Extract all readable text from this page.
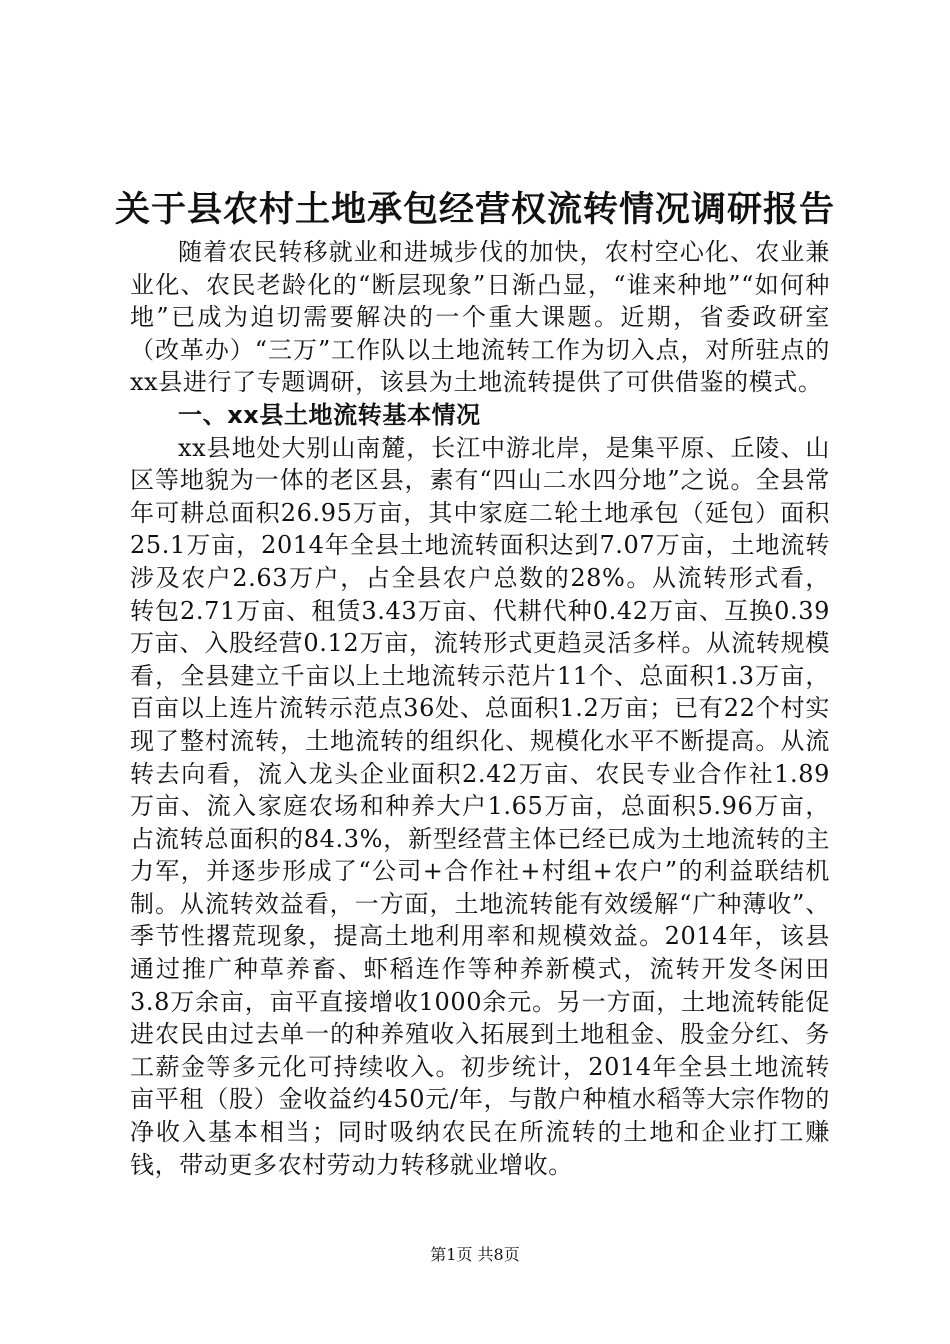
关于县农村土地承包经营权流转情况调研报告

随着农民转移就业和进城步伐的加快，农村空心化、农业兼业化、农民老龄化的“断层现象”日渐凸显，“谁来种地”“如何种地”已成为迫切需要解决的一个重大课题。近期，省委政研室（改革办）“三万”工作队以土地流转工作为切入点，对所驻点的xx县进行了专题调研，该县为土地流转提供了可供借鉴的模式。

一、xx县土地流转基本情况

xx县地处大别山南麓，长江中游北岸，是集平原、丘陵、山区等地貌为一体的老区县，素有“四山二水四分地”之说。全县常年可耕总面积26.95万亩，其中家庭二轮土地承包（延包）面积25.1万亩，2014年全县土地流转面积达到7.07万亩，土地流转涉及农户2.63万户，占全县农户总数的28%。从流转形式看，转包2.71万亩、租赁3.43万亩、代耕代种0.42万亩、互换0.39万亩、入股经营0.12万亩，流转形式更趋灵活多样。从流转规模看，全县建立千亩以上土地流转示范片11个、总面积1.3万亩，百亩以上连片流转示范点36处、总面积1.2万亩；已有22个村实现了整村流转，土地流转的组织化、规模化水平不断提高。从流转去向看，流入龙头企业面积2.42万亩、农民专业合作社1.89万亩、流入家庭农场和种养大户1.65万亩，总面积5.96万亩，占流转总面积的84.3%，新型经营主体已经已成为土地流转的主力军，并逐步形成了“公司+合作社+村组+农户”的利益联结机制。从流转效益看，一方面，土地流转能有效缓解“广种薄收”、季节性撂荒现象，提高土地利用率和规模效益。2014年，该县通过推广种草养畜、虾稻连作等种养新模式，流转开发冬闲田3.8万余亩，亩平直接增收1000余元。另一方面，土地流转能促进农民由过去单一的种养殖收入拓展到土地租金、股金分红、务工薪金等多元化可持续收入。初步统计，2014年全县土地流转亩平租（股）金收益约450元/年，与散户种植水稻等大宗作物的净收入基本相当；同时吸纳农民在所流转的土地和企业打工赚钱，带动更多农村劳动力转移就业增收。

第1页 共8页
